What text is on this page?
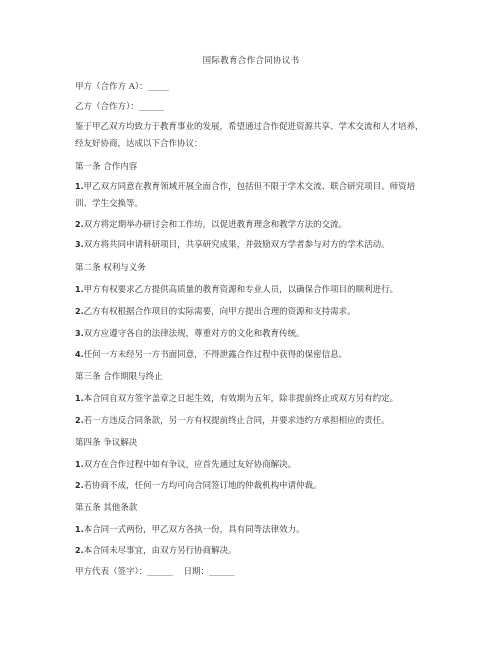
国际教育合作合同协议书
甲方（合作方 A）：_____
乙方（合作方）：______
鉴于甲乙双方均致力于教育事业的发展，希望通过合作促进资源共享、学术交流和人才培养，经友好协商，达成以下合作协议：
第一条 合作内容
1.甲乙双方同意在教育领域开展全面合作，包括但不限于学术交流、联合研究项目、师资培训、学生交换等。
2.双方将定期举办研讨会和工作坊，以促进教育理念和教学方法的交流。
3.双方将共同申请科研项目，共享研究成果，并鼓励双方学者参与对方的学术活动。
第二条 权利与义务
1.甲方有权要求乙方提供高质量的教育资源和专业人员，以确保合作项目的顺利进行。
2.乙方有权根据合作项目的实际需要，向甲方提出合理的资源和支持需求。
3.双方应遵守各自的法律法规，尊重对方的文化和教育传统。
4.任何一方未经另一方书面同意，不得泄露合作过程中获得的保密信息。
第三条 合作期限与终止
1.本合同自双方签字盖章之日起生效，有效期为五年，除非提前终止或双方另有约定。
2.若一方违反合同条款，另一方有权提前终止合同，并要求违约方承担相应的责任。
第四条 争议解决
1.双方在合作过程中如有争议，应首先通过友好协商解决。
2.若协商不成，任何一方均可向合同签订地的仲裁机构申请仲裁。
第五条 其他条款
1.本合同一式两份，甲乙双方各执一份，具有同等法律效力。
2.本合同未尽事宜，由双方另行协商解决。
甲方代表（签字）：______    日期：______
